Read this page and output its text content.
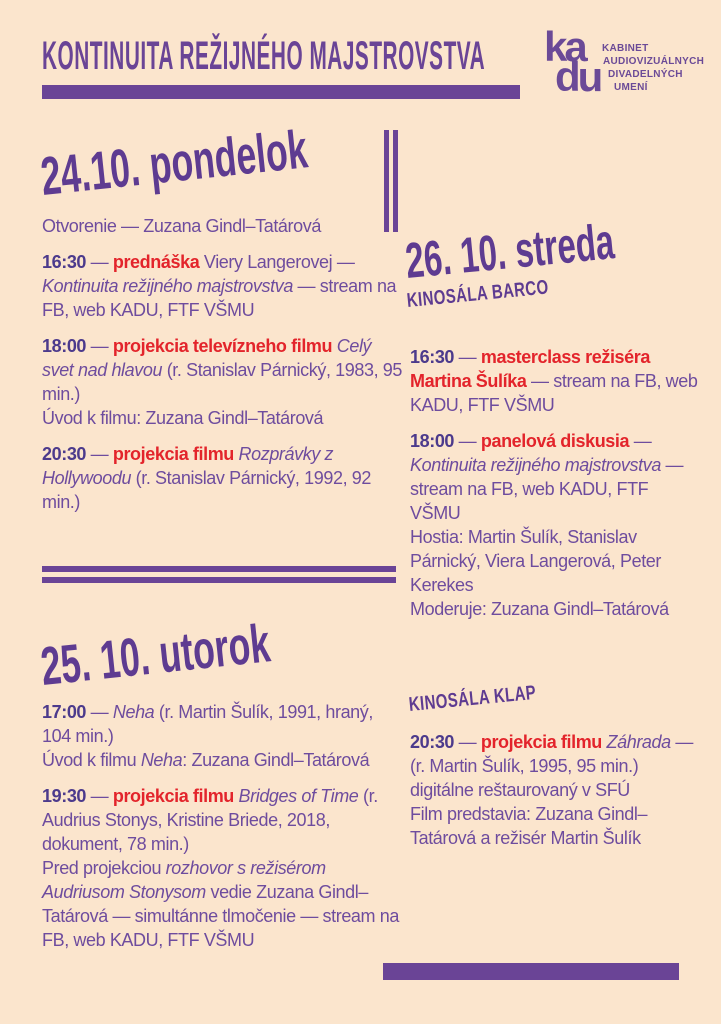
KONTINUITA REŽIJNÉHO MAJSTROVSTVA ka
du
KABINET
AUDIOVIZUÁLNYCH
DIVADELNÝCH
UMENÍ
24.10. pondelok

Otvorenie — Zuzana Gindl–Tatárová

16:30 — prednáška Viery Langerovej — Kontinuita režijného majstrovstva — stream na FB, web KADU, FTF VŠMU

18:00 — projekcia televízneho filmu Celý svet nad hlavou (r. Stanislav Párnický, 1983, 95 min.)
Úvod k filmu: Zuzana Gindl–Tatárová

20:30 — projekcia filmu Rozprávky z Hollywoodu (r. Stanislav Párnický, 1992, 92 min.)

25. 10. utorok

17:00 — Neha (r. Martin Šulík, 1991, hraný, 104 min.)
Úvod k filmu Neha: Zuzana Gindl–Tatárová

19:30 — projekcia filmu Bridges of Time (r. Audrius Stonys, Kristine Briede, 2018, dokument, 78 min.)
Pred projekciou rozhovor s režisérom Audriusom Stonysom vedie Zuzana Gindl–Tatárová — simultánne tlmočenie — stream na FB, web KADU, FTF VŠMU

26. 10. streda
KINOSÁLA BARCO

16:30 — masterclass režiséra Martina Šulíka — stream na FB, web KADU, FTF VŠMU

18:00 — panelová diskusia — Kontinuita režijného majstrovstva — stream na FB, web KADU, FTF VŠMU
Hostia: Martin Šulík, Stanislav Párnický, Viera Langerová, Peter Kerekes
Moderuje: Zuzana Gindl–Tatárová

KINOSÁLA KLAP

20:30 — projekcia filmu Záhrada — (r. Martin Šulík, 1995, 95 min.) digitálne reštaurovaný v SFÚ
Film predstavia: Zuzana Gindl–Tatárová a režisér Martin Šulík
